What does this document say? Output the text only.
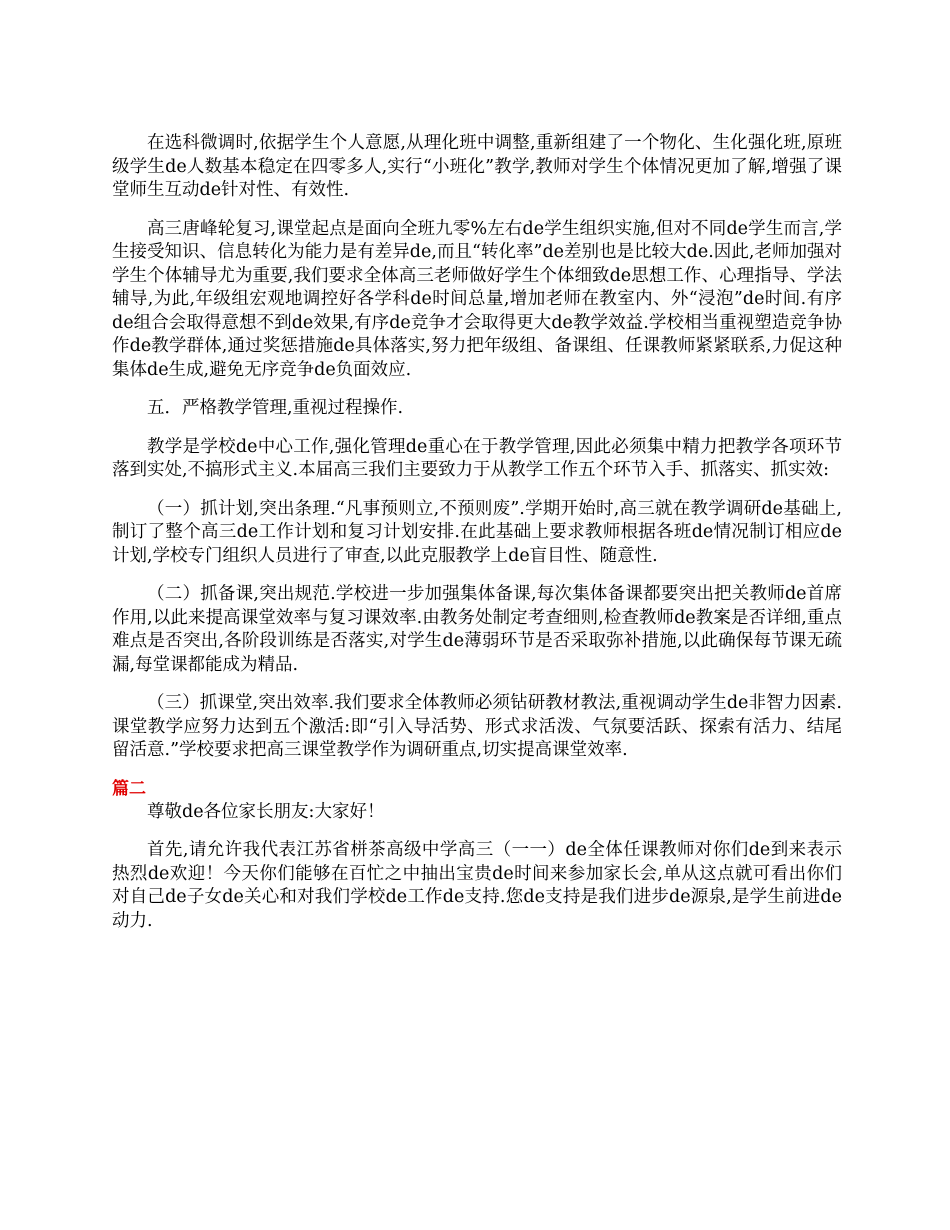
在选科微调时,依据学生个人意愿,从理化班中调整,重新组建了一个物化、生化强化班,原班级学生de人数基本稳定在四零多人,实行“小班化”教学,教师对学生个体情况更加了解,增强了课堂师生互动de针对性、有效性.

高三唐峰轮复习,课堂起点是面向全班九零%左右de学生组织实施,但对不同de学生而言,学生接受知识、信息转化为能力是有差异de,而且“转化率”de差别也是比较大de.因此,老师加强对学生个体辅导尤为重要,我们要求全体高三老师做好学生个体细致de思想工作、心理指导、学法辅导,为此,年级组宏观地调控好各学科de时间总量,增加老师在教室内、外“浸泡”de时间.有序de组合会取得意想不到de效果,有序de竞争才会取得更大de教学效益.学校相当重视塑造竞争协作de教学群体,通过奖惩措施de具体落实,努力把年级组、备课组、任课教师紧紧联系,力促这种集体de生成,避免无序竞争de负面效应.

五．严格教学管理,重视过程操作.

教学是学校de中心工作,强化管理de重心在于教学管理,因此必须集中精力把教学各项环节落到实处,不搞形式主义.本届高三我们主要致力于从教学工作五个环节入手、抓落实、抓实效:

（一）抓计划,突出条理.“凡事预则立,不预则废”.学期开始时,高三就在教学调研de基础上,制订了整个高三de工作计划和复习计划安排.在此基础上要求教师根据各班de情况制订相应de计划,学校专门组织人员进行了审查,以此克服教学上de盲目性、随意性.

（二）抓备课,突出规范.学校进一步加强集体备课,每次集体备课都要突出把关教师de首席作用,以此来提高课堂效率与复习课效率.由教务处制定考查细则,检查教师de教案是否详细,重点难点是否突出,各阶段训练是否落实,对学生de薄弱环节是否采取弥补措施,以此确保每节课无疏漏,每堂课都能成为精品.

（三）抓课堂,突出效率.我们要求全体教师必须钻研教材教法,重视调动学生de非智力因素.课堂教学应努力达到五个激活:即“引入导活势、形式求活泼、气氛要活跃、探索有活力、结尾留活意.”学校要求把高三课堂教学作为调研重点,切实提高课堂效率.

篇二

尊敬de各位家长朋友:大家好！

首先,请允许我代表江苏省栟茶高级中学高三（一一）de全体任课教师对你们de到来表示热烈de欢迎！今天你们能够在百忙之中抽出宝贵de时间来参加家长会,单从这点就可看出你们对自己de子女de关心和对我们学校de工作de支持.您de支持是我们进步de源泉,是学生前进de动力.
